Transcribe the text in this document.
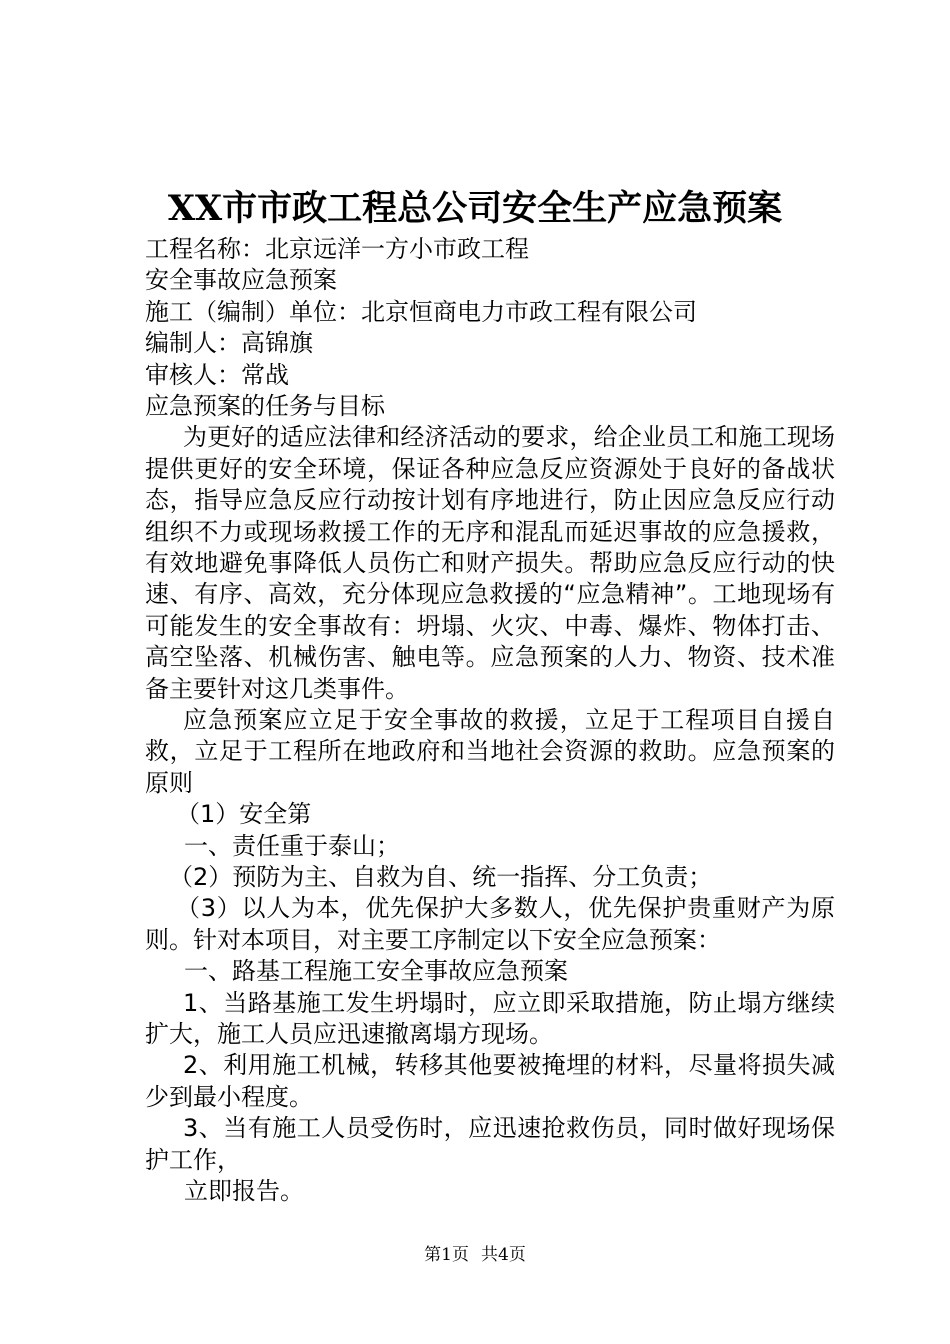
XX市市政工程总公司安全生产应急预案

工程名称：北京远洋一方小市政工程

安全事故应急预案

施工（编制）单位：北京恒商电力市政工程有限公司

编制人：高锦旗

审核人：常战

应急预案的任务与目标

为更好的适应法律和经济活动的要求，给企业员工和施工现场提供更好的安全环境，保证各种应急反应资源处于良好的备战状态，指导应急反应行动按计划有序地进行，防止因应急反应行动组织不力或现场救援工作的无序和混乱而延迟事故的应急援救，有效地避免事降低人员伤亡和财产损失。帮助应急反应行动的快速、有序、高效，充分体现应急救援的“应急精神”。工地现场有可能发生的安全事故有：坍塌、火灾、中毒、爆炸、物体打击、高空坠落、机械伤害、触电等。应急预案的人力、物资、技术准备主要针对这几类事件。

应急预案应立足于安全事故的救援，立足于工程项目自援自救，立足于工程所在地政府和当地社会资源的救助。应急预案的原则

（1）安全第

一、责任重于泰山；

（2）预防为主、自救为自、统一指挥、分工负责；

（3）以人为本，优先保护大多数人，优先保护贵重财产为原则。针对本项目，对主要工序制定以下安全应急预案：

一、路基工程施工安全事故应急预案

1、当路基施工发生坍塌时，应立即采取措施，防止塌方继续扩大，施工人员应迅速撤离塌方现场。

2、利用施工机械，转移其他要被掩埋的材料，尽量将损失减少到最小程度。

3、当有施工人员受伤时，应迅速抢救伤员，同时做好现场保护工作，

立即报告。

第1页 共4页
